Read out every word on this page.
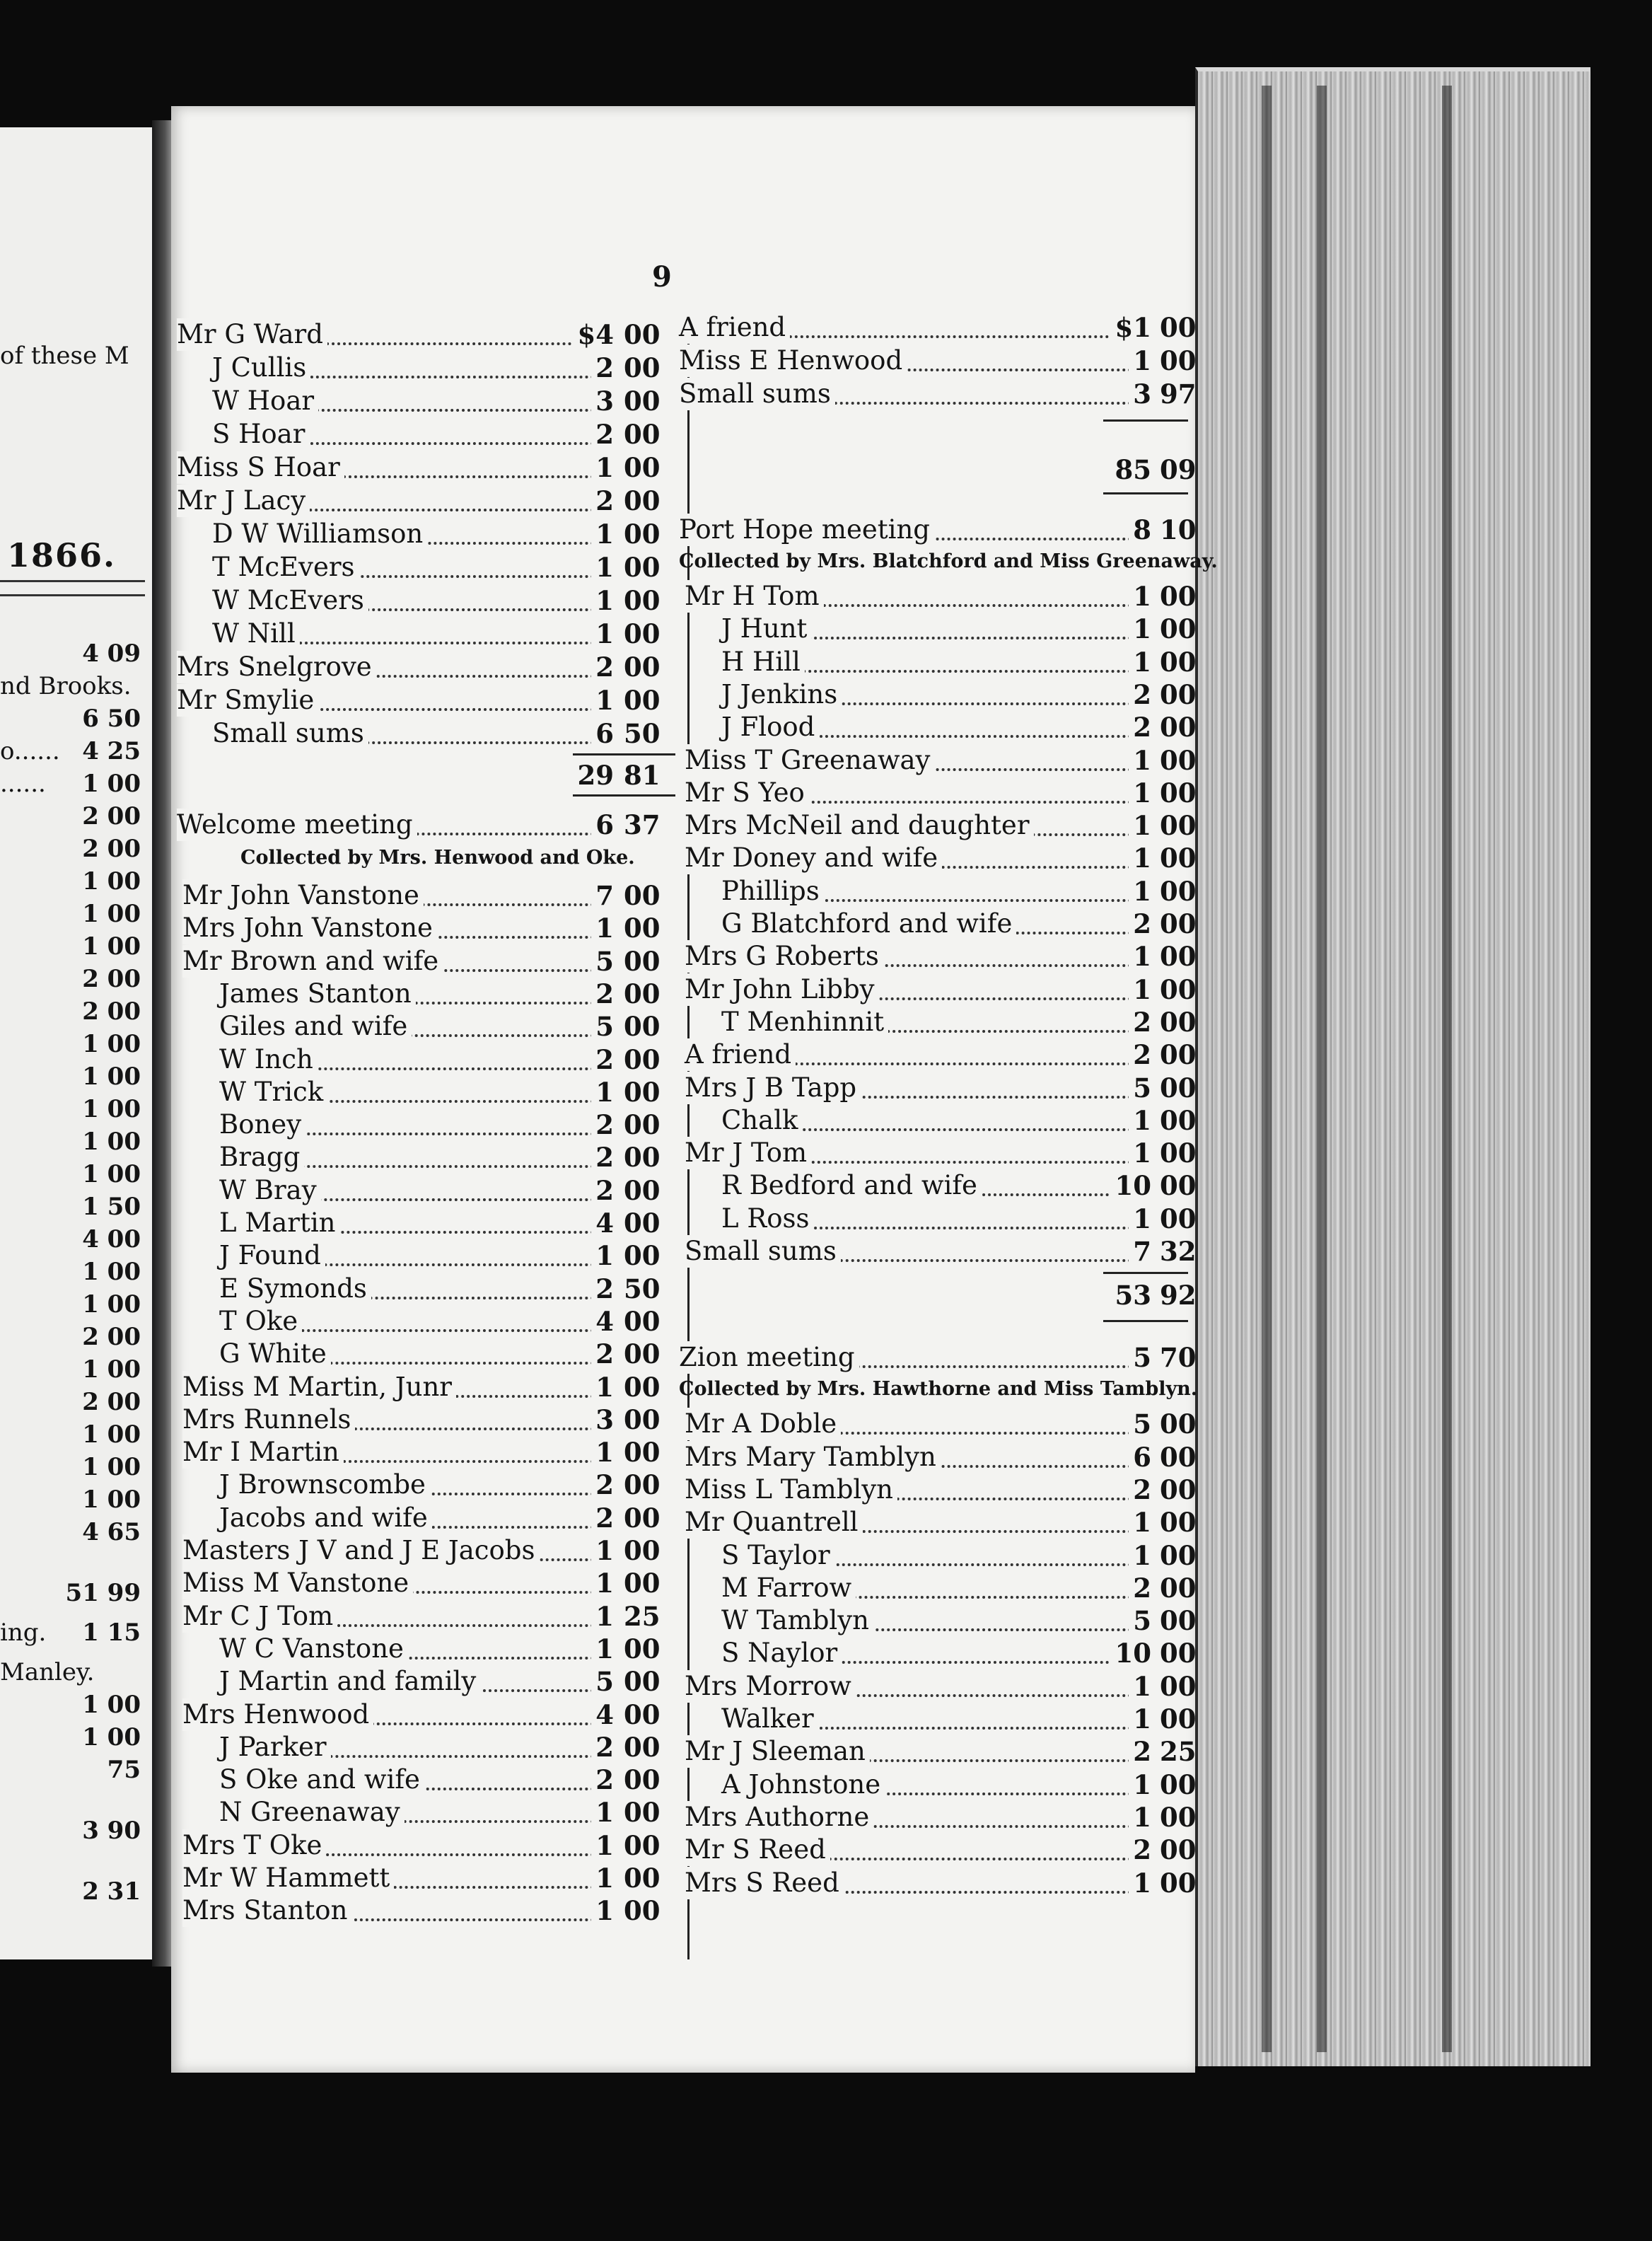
of these M
1866.
4 09
nd Brooks.
6 50
o...... 4 25
...... 1 00
2 00
2 00
1 00
1 00
1 00
2 00
2 00
1 00
1 00
1 00
1 00
1 00
1 50
4 00
1 00
1 00
2 00
1 00
2 00
1 00
1 00
1 00
4 65
51 99
ing. 1 15
Manley.
1 00
1 00
75
3 90
2 31
9
Mr G Ward	$4 00
J Cullis	2 00
W Hoar	3 00
S Hoar	2 00
Miss S Hoar	1 00
Mr J Lacy	2 00
D W Williamson	1 00
T McEvers	1 00
W McEvers	1 00
W Nill	1 00
Mrs Snelgrove	2 00
Mr Smylie	1 00
Small sums	6 50
29 81
Welcome meeting	6 37
Collected by Mrs. Henwood and Oke.
Mr John Vanstone	7 00
Mrs John Vanstone	1 00
Mr Brown and wife	5 00
James Stanton	2 00
Giles and wife	5 00
W Inch	2 00
W Trick	1 00
Boney	2 00
Bragg	2 00
W Bray	2 00
L Martin	4 00
J Found	1 00
E Symonds	2 50
T Oke	4 00
G White	2 00
Miss M Martin, Junr	1 00
Mrs Runnels	3 00
Mr I Martin	1 00
J Brownscombe	2 00
Jacobs and wife	2 00
Masters J V and J E Jacobs 1 00
Miss M Vanstone	1 00
Mr C J Tom	1 25
W C Vanstone	1 00
J Martin and family	5 00
Mrs Henwood	4 00
J Parker	2 00
S Oke and wife	2 00
N Greenaway	1 00
Mrs T Oke	1 00
Mr W Hammett	1 00
Mrs Stanton	1 00
A friend	$1 00
Miss E Henwood	1 00
Small sums	3 97
85 09
Port Hope meeting	8 10
Collected by Mrs. Blatchford and Miss Greenaway.
Mr H Tom	1 00
J Hunt	1 00
H Hill	1 00
J Jenkins	2 00
J Flood	2 00
Miss T Greenaway	1 00
Mr S Yeo	1 00
Mrs McNeil and daughter	1 00
Mr Doney and wife	1 00
Phillips	1 00
G Blatchford and wife	2 00
Mrs G Roberts	1 00
Mr John Libby	1 00
T Menhinnit	2 00
A friend	2 00
Mrs J B Tapp	5 00
Chalk	1 00
Mr J Tom	1 00
R Bedford and wife	10 00
L Ross	1 00
Small sums	7 32
53 92
Zion meeting	5 70
Collected by Mrs. Hawthorne and Miss Tamblyn.
Mr A Doble	5 00
Mrs Mary Tamblyn	6 00
Miss L Tamblyn	2 00
Mr Quantrell	1 00
S Taylor	1 00
M Farrow	2 00
W Tamblyn	5 00
S Naylor	10 00
Mrs Morrow	1 00
Walker	1 00
Mr J Sleeman	2 25
A Johnstone	1 00
Mrs Authorne	1 00
Mr S Reed	2 00
Mrs S Reed	1 00
